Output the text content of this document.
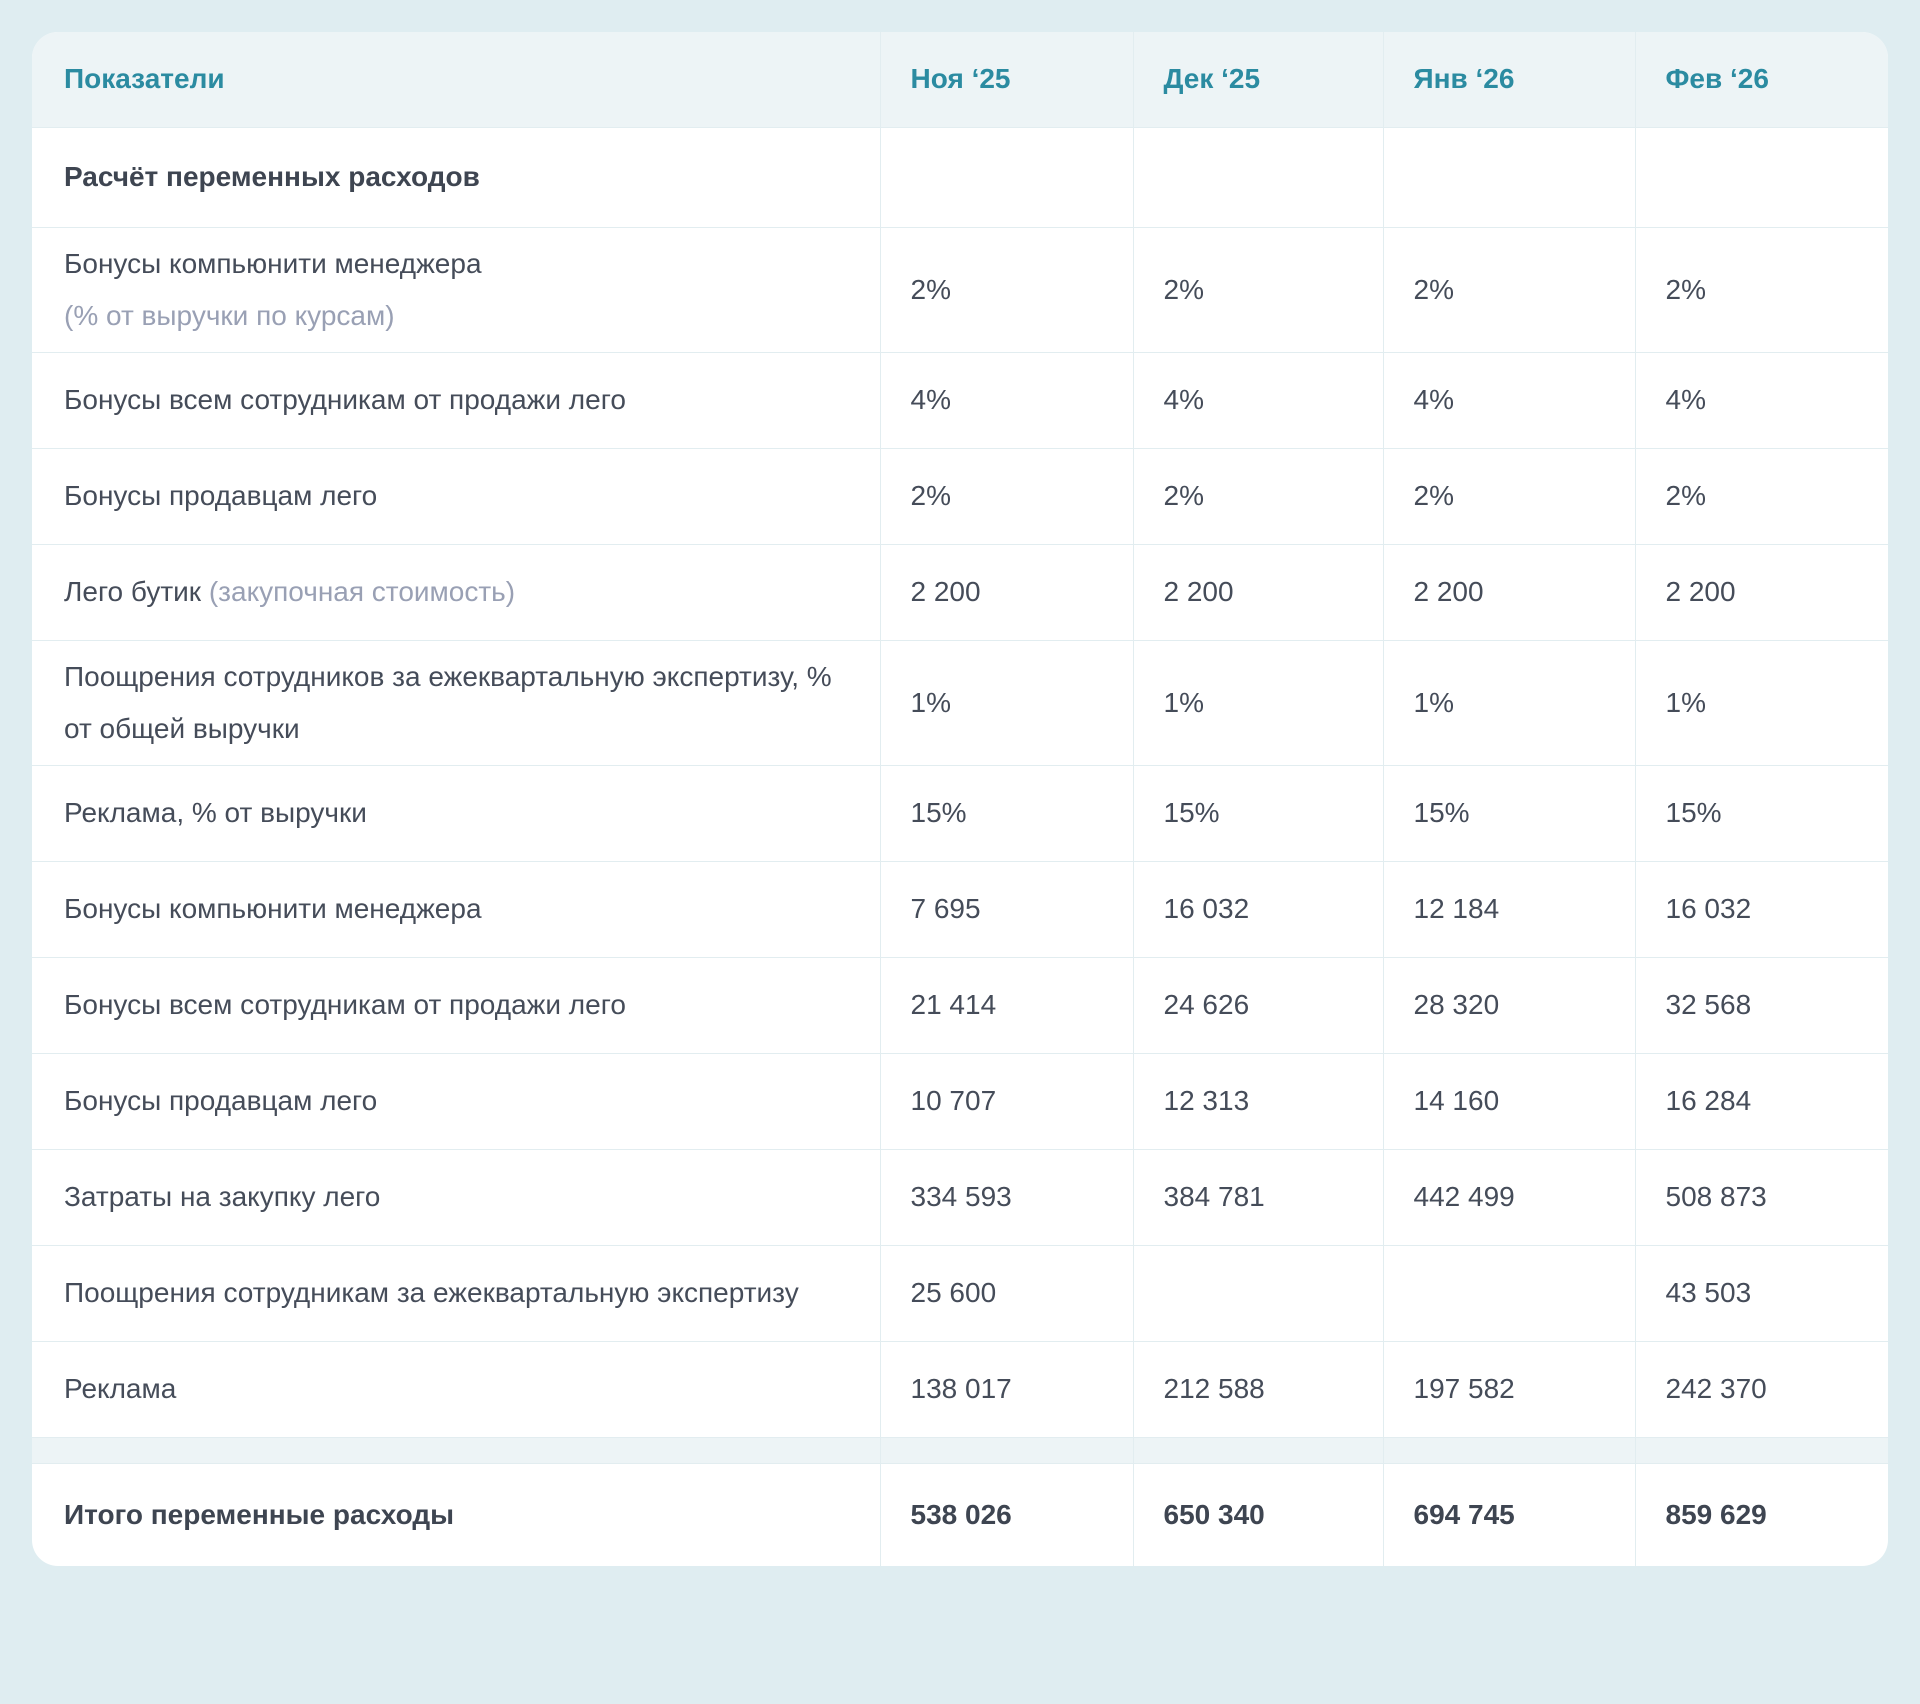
Показатели	Ноя ‘25	Дек ‘25	Янв ‘26	Фев ‘26
Расчёт переменных расходов				
Бонусы компьюнити менеджера
(% от выручки по курсам)	2%	2%	2%	2%
Бонусы всем сотрудникам от продажи лего	4%	4%	4%	4%
Бонусы продавцам лего	2%	2%	2%	2%
Лего бутик (закупочная стоимость)	2 200	2 200	2 200	2 200
Поощрения сотрудников за ежеквартальную экспертизу, % от общей выручки	1%	1%	1%	1%
Реклама, % от выручки	15%	15%	15%	15%
Бонусы компьюнити менеджера	7 695	16 032	12 184	16 032
Бонусы всем сотрудникам от продажи лего	21 414	24 626	28 320	32 568
Бонусы продавцам лего	10 707	12 313	14 160	16 284
Затраты на закупку лего	334 593	384 781	442 499	508 873
Поощрения сотрудникам за ежеквартальную экспертизу	25 600			43 503
Реклама	138 017	212 588	197 582	242 370

Итого переменные расходы	538 026	650 340	694 745	859 629
